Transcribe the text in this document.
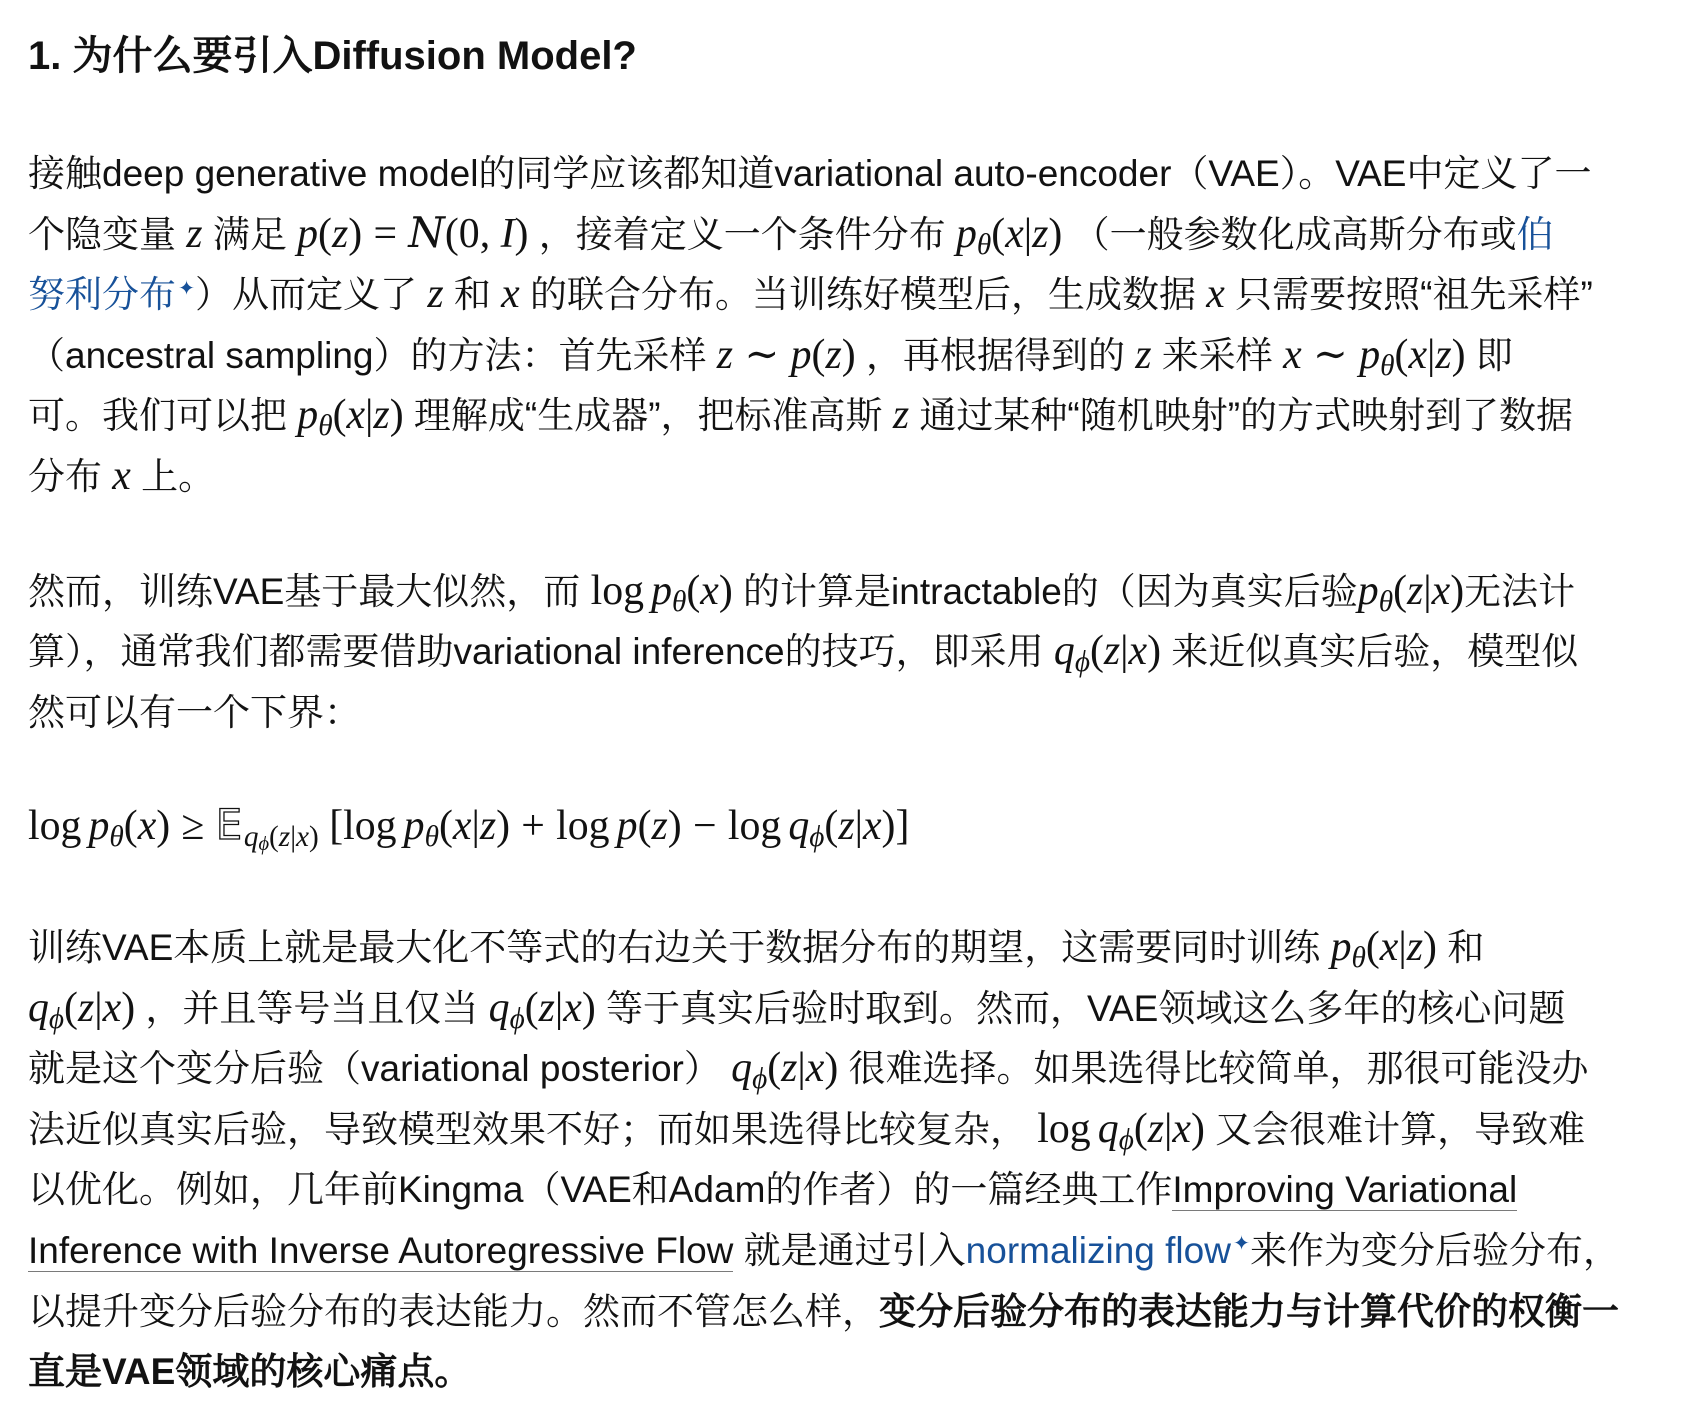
1. 为什么要引入Diffusion Model?
接触deep generative model的同学应该都知道variational auto-encoder（VAE）。VAE中定义了一
个隐变量 z 满足 p(z) = N(0, I) ，接着定义一个条件分布 pθ(x|z) （一般参数化成高斯分布或伯
努利分布 ✦ ）从而定义了 z 和 x 的联合分布。当训练好模型后，生成数据 x 只需要按照“祖先采样”
（ancestral sampling）的方法：首先采样 z ∼ p(z) ，再根据得到的 z 来采样 x ∼ pθ(x|z) 即
可。我们可以把 pθ(x|z) 理解成“生成器”，把标准高斯 z 通过某种“随机映射”的方式映射到了数据
分布 x 上。
然而，训练VAE基于最大似然，而 log pθ(x) 的计算是intractable的（因为真实后验pθ(z|x)无法计
算），通常我们都需要借助variational inference的技巧，即采用 qϕ(z|x) 来近似真实后验，模型似
然可以有一个下界：
log pθ(x) ≥ Eqϕ(z|x) [log pθ(x|z) + log p(z) − log qϕ(z|x)]
训练VAE本质上就是最大化不等式的右边关于数据分布的期望，这需要同时训练 pθ(x|z) 和
qϕ(z|x) ，并且等号当且仅当 qϕ(z|x) 等于真实后验时取到。然而，VAE领域这么多年的核心问题
就是这个变分后验（variational posterior） qϕ(z|x) 很难选择。如果选得比较简单，那很可能没办
法近似真实后验，导致模型效果不好；而如果选得比较复杂， log qϕ(z|x) 又会很难计算，导致难
以优化。例如，几年前Kingma（VAE和Adam的作者）的一篇经典工作Improving Variational
Inference with Inverse Autoregressive Flow 就是通过引入normalizing flow ✦ 来作为变分后验分布，
以提升变分后验分布的表达能力。然而不管怎么样，变分后验分布的表达能力与计算代价的权衡一
直是VAE领域的核心痛点。
